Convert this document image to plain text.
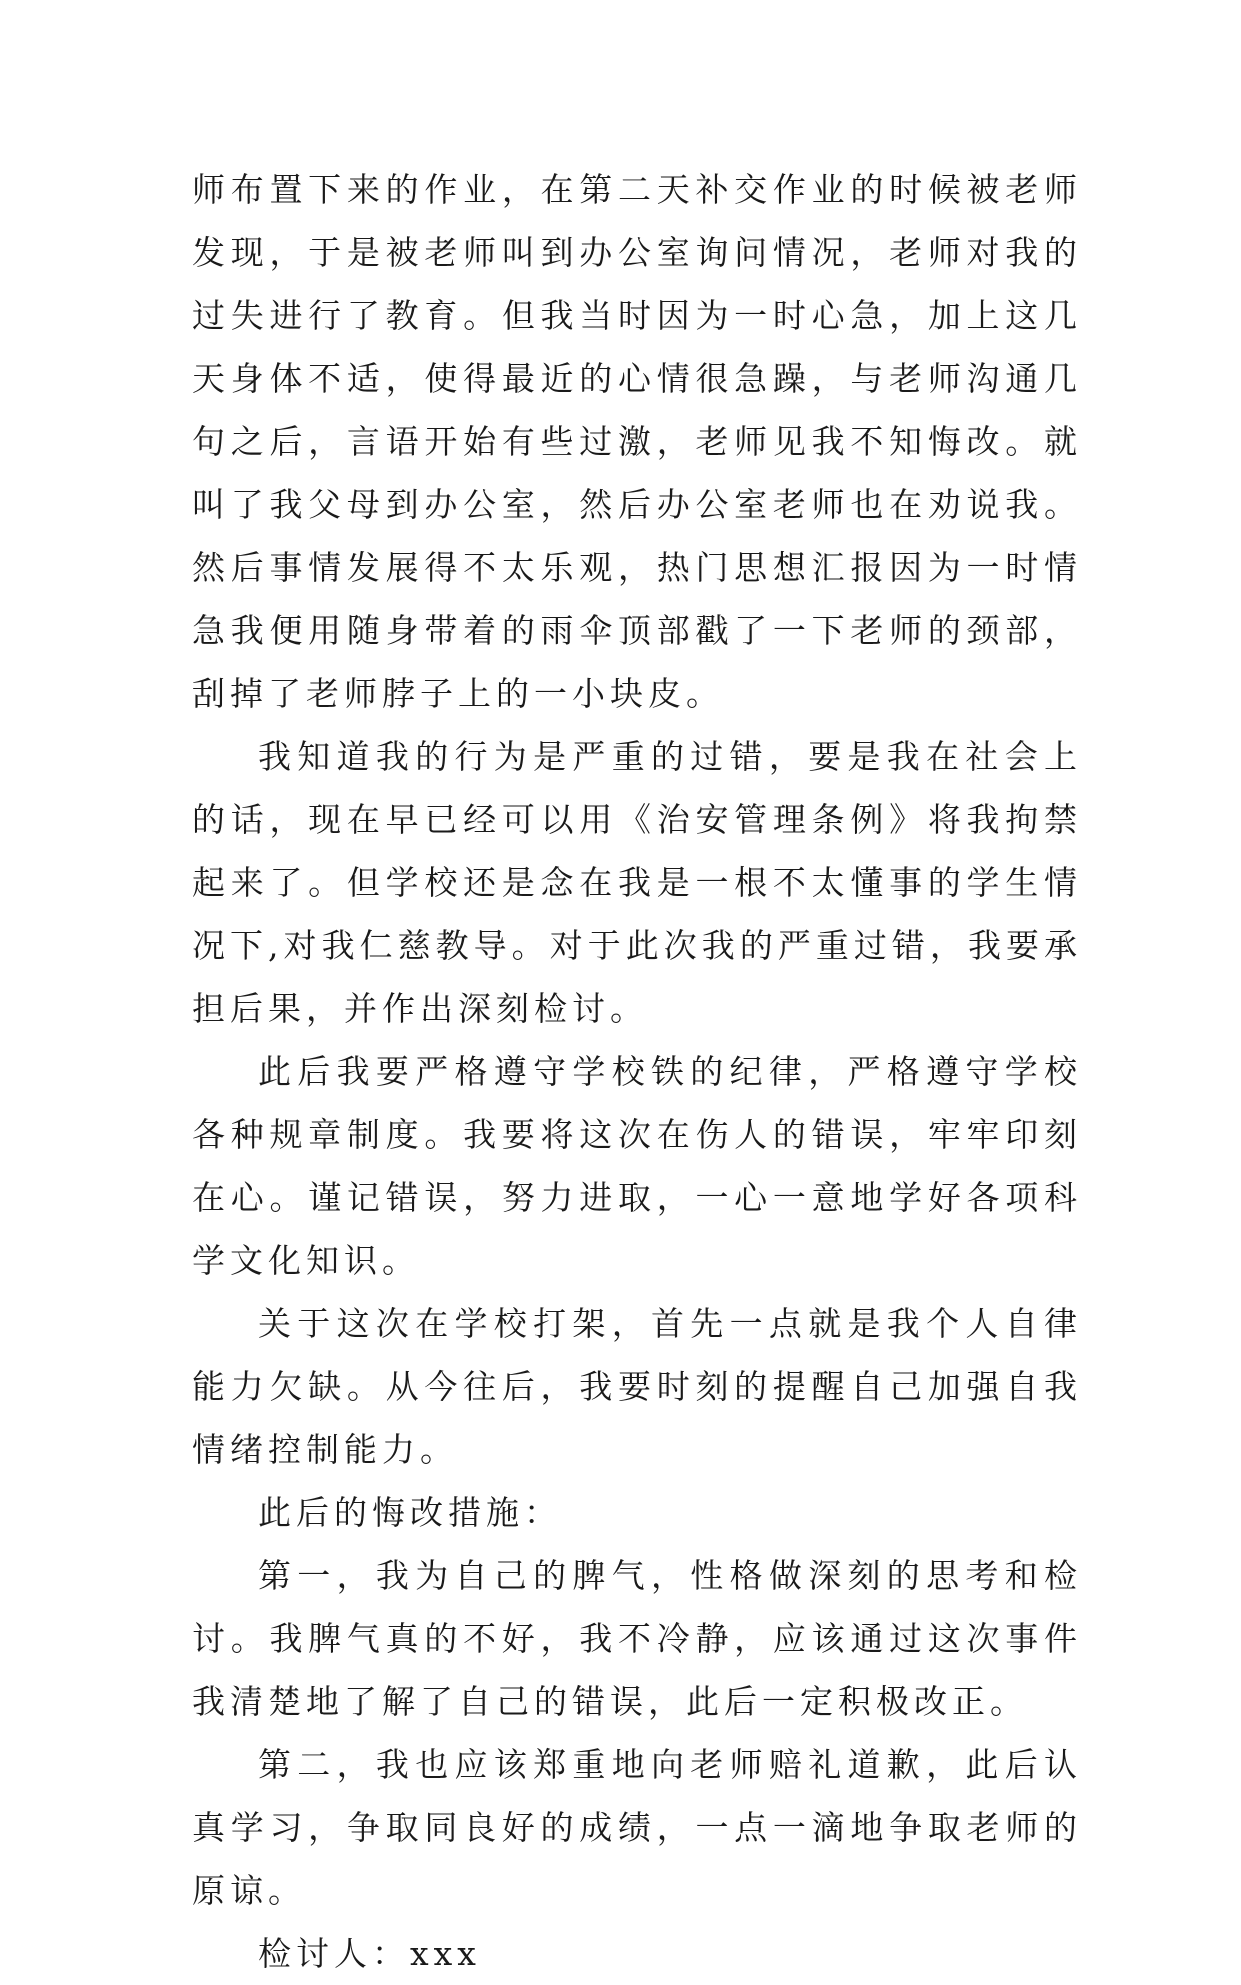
师布置下来的作业，在第二天补交作业的时候被老师发现，于是被老师叫到办公室询问情况，老师对我的过失进行了教育。但我当时因为一时心急，加上这几天身体不适，使得最近的心情很急躁，与老师沟通几句之后，言语开始有些过激，老师见我不知悔改。就叫了我父母到办公室，然后办公室老师也在劝说我。然后事情发展得不太乐观，热门思想汇报因为一时情急我便用随身带着的雨伞顶部戳了一下老师的颈部，刮掉了老师脖子上的一小块皮。

我知道我的行为是严重的过错，要是我在社会上的话，现在早已经可以用《治安管理条例》将我拘禁起来了。但学校还是念在我是一根不太懂事的学生情况下,对我仁慈教导。对于此次我的严重过错，我要承担后果，并作出深刻检讨。

此后我要严格遵守学校铁的纪律，严格遵守学校各种规章制度。我要将这次在伤人的错误，牢牢印刻在心。谨记错误，努力进取，一心一意地学好各项科学文化知识。

关于这次在学校打架，首先一点就是我个人自律能力欠缺。从今往后，我要时刻的提醒自己加强自我情绪控制能力。

此后的悔改措施：

第一，我为自己的脾气，性格做深刻的思考和检讨。我脾气真的不好，我不冷静，应该通过这次事件我清楚地了解了自己的错误，此后一定积极改正。

第二，我也应该郑重地向老师赔礼道歉，此后认真学习，争取同良好的成绩，一点一滴地争取老师的原谅。

检讨人：xxx
